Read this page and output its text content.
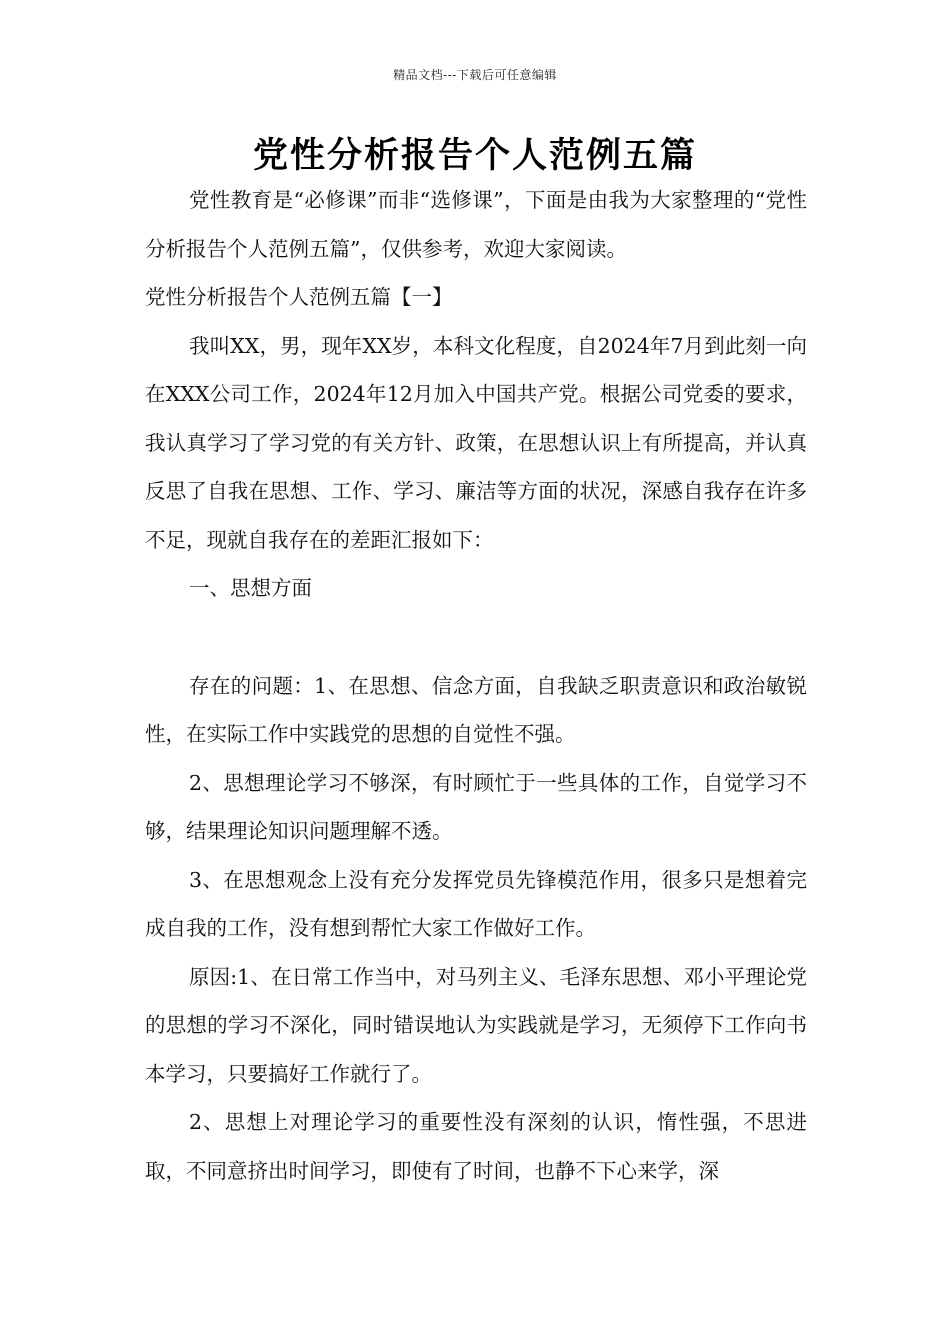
精品文档---下载后可任意编辑
党性分析报告个人范例五篇

党性教育是“必修课”而非“选修课”，下面是由我为大家整理的“党性分析报告个人范例五篇”，仅供参考，欢迎大家阅读。

党性分析报告个人范例五篇【一】

我叫XX，男，现年XX岁，本科文化程度，自2024年7月到此刻一向在XXX公司工作，2024年12月加入中国共产党。根据公司党委的要求，我认真学习了学习党的有关方针、政策，在思想认识上有所提高，并认真反思了自我在思想、工作、学习、廉洁等方面的状况，深感自我存在许多不足，现就自我存在的差距汇报如下：

一、思想方面

存在的问题：1、在思想、信念方面，自我缺乏职责意识和政治敏锐性，在实际工作中实践党的思想的自觉性不强。

2、思想理论学习不够深，有时顾忙于一些具体的工作，自觉学习不够，结果理论知识问题理解不透。

3、在思想观念上没有充分发挥党员先锋模范作用，很多只是想着完成自我的工作，没有想到帮忙大家工作做好工作。

原因:1、在日常工作当中，对马列主义、毛泽东思想、邓小平理论党的思想的学习不深化，同时错误地认为实践就是学习，无须停下工作向书本学习，只要搞好工作就行了。

2、思想上对理论学习的重要性没有深刻的认识，惰性强，不思进取，不同意挤出时间学习，即使有了时间，也静不下心来学，深
